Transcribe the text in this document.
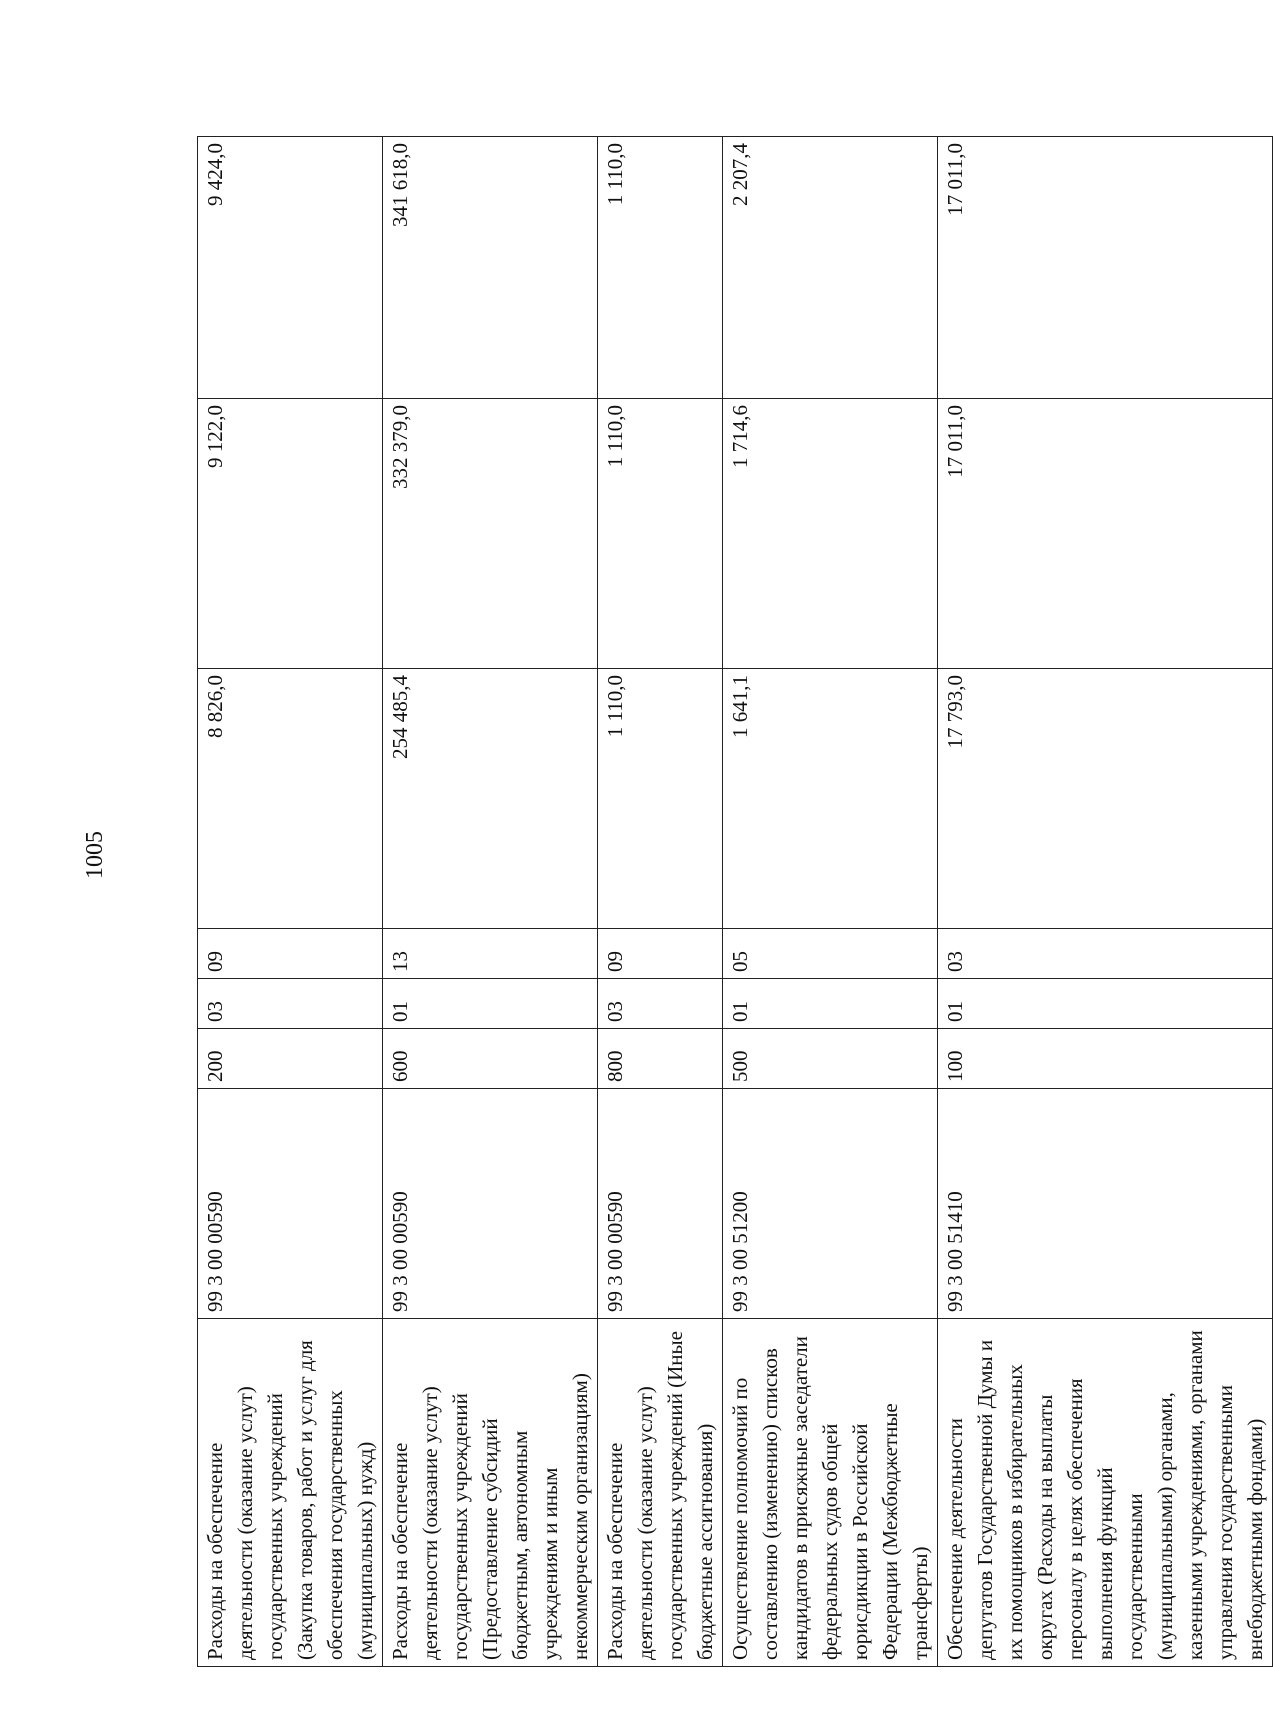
1005
Расходы на обеспечение деятельности (оказание услут) государственных учреждений (Закупка товаров, работ и услуг для обеспечения государственных (муниципальных) нужд)	99 3 00 00590	200	03	09	8 826,0	9 122,0	9 424,0
Расходы на обеспечение деятельности (оказание услут) государственных учреждений (Предоставление субсидий бюджетным, автономным учреждениям и иным некоммерческим организациям)	99 3 00 00590	600	01	13	254 485,4	332 379,0	341 618,0
Расходы на обеспечение деятельности (оказание услут) государственных учреждений (Иные бюджетные ассигнования)	99 3 00 00590	800	03	09	1 110,0	1 110,0	1 110,0
Осуществление полномочий по составлению (изменению) списков кандидатов в присяжные заседатели федеральных судов общей юрисдикции в Российской Федерации (Межбюджетные трансферты)	99 3 00 51200	500	01	05	1 641,1	1 714,6	2 207,4
Обеспечение деятельности депутатов Государственной Думы и их помощников в избирательных округах (Расходы на выплаты персоналу в целях обеспечения выполнения функций государственными (муниципальными) органами, казенными учреждениями, органами управления государственными внебюджетными фондами)	99 3 00 51410	100	01	03	17 793,0	17 011,0	17 011,0
